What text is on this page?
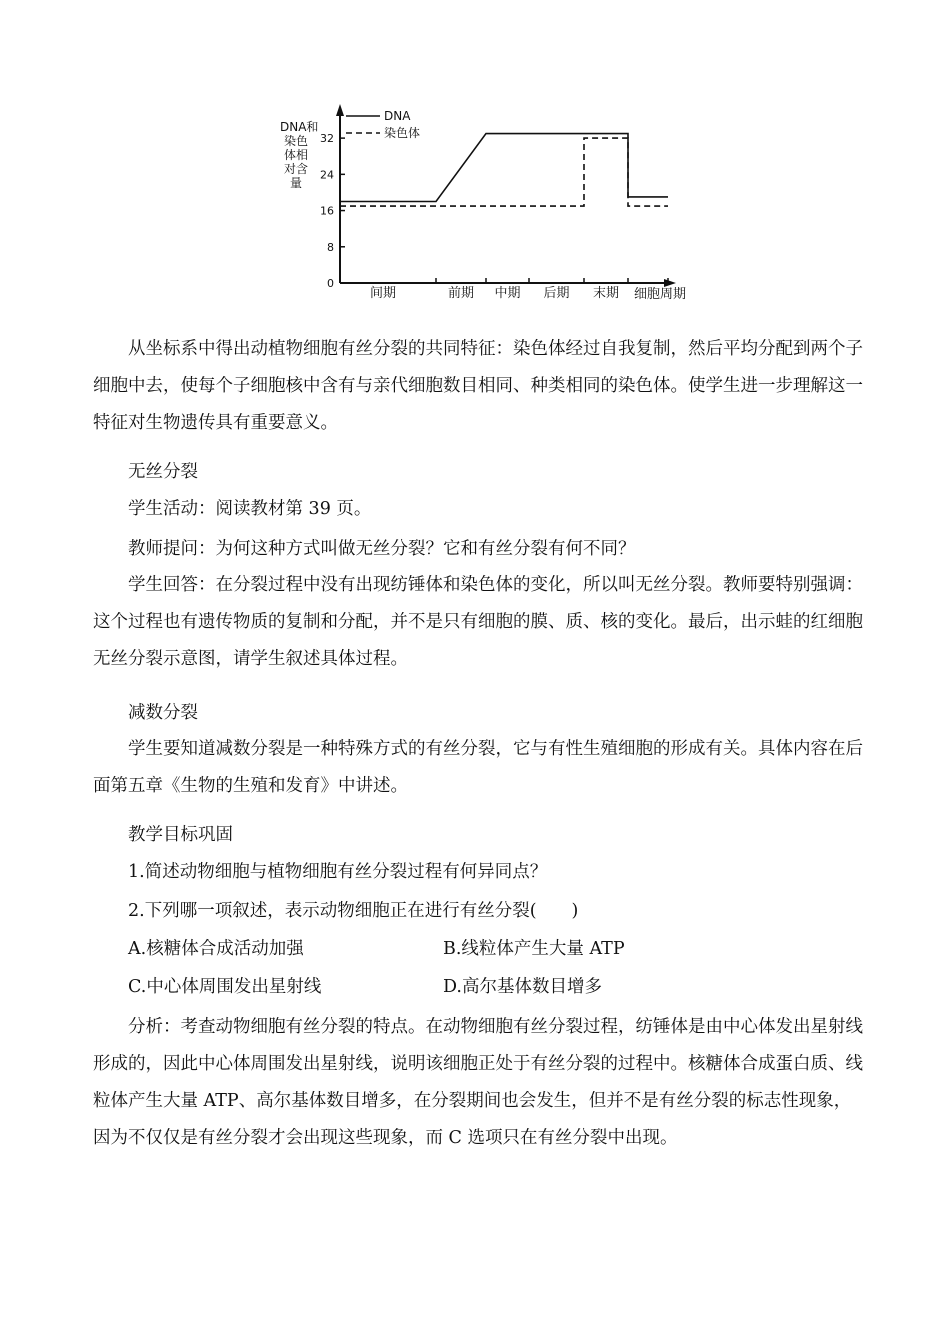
DNA和
染色
体相
对含
量
0
8
16
24
32
间期	前期 中期 后期 末期
DNA
染色体
细胞周期

从坐标系中得出动植物细胞有丝分裂的共同特征：染色体经过自我复制，然后平均分配到两个子细胞中去，使每个子细胞核中含有与亲代细胞数目相同、种类相同的染色体。使学生进一步理解这一特征对生物遗传具有重要意义。

无丝分裂
学生活动：阅读教材第 39 页。
教师提问：为何这种方式叫做无丝分裂？它和有丝分裂有何不同？

学生回答：在分裂过程中没有出现纺锤体和染色体的变化，所以叫无丝分裂。教师要特别强调：这个过程也有遗传物质的复制和分配，并不是只有细胞的膜、质、核的变化。最后，出示蛙的红细胞无丝分裂示意图，请学生叙述具体过程。

减数分裂

学生要知道减数分裂是一种特殊方式的有丝分裂，它与有性生殖细胞的形成有关。具体内容在后面第五章《生物的生殖和发育》中讲述。

教学目标巩固
1.简述动物细胞与植物细胞有丝分裂过程有何异同点？
2.下列哪一项叙述，表示动物细胞正在进行有丝分裂(　　)
A.核糖体合成活动加强	B.线粒体产生大量 ATP
C.中心体周围发出星射线	D.高尔基体数目增多

分析：考查动物细胞有丝分裂的特点。在动物细胞有丝分裂过程，纺锤体是由中心体发出星射线形成的，因此中心体周围发出星射线，说明该细胞正处于有丝分裂的过程中。核糖体合成蛋白质、线粒体产生大量 ATP、高尔基体数目增多，在分裂期间也会发生，但并不是有丝分裂的标志性现象，因为不仅仅是有丝分裂才会出现这些现象，而 C 选项只在有丝分裂中出现。
